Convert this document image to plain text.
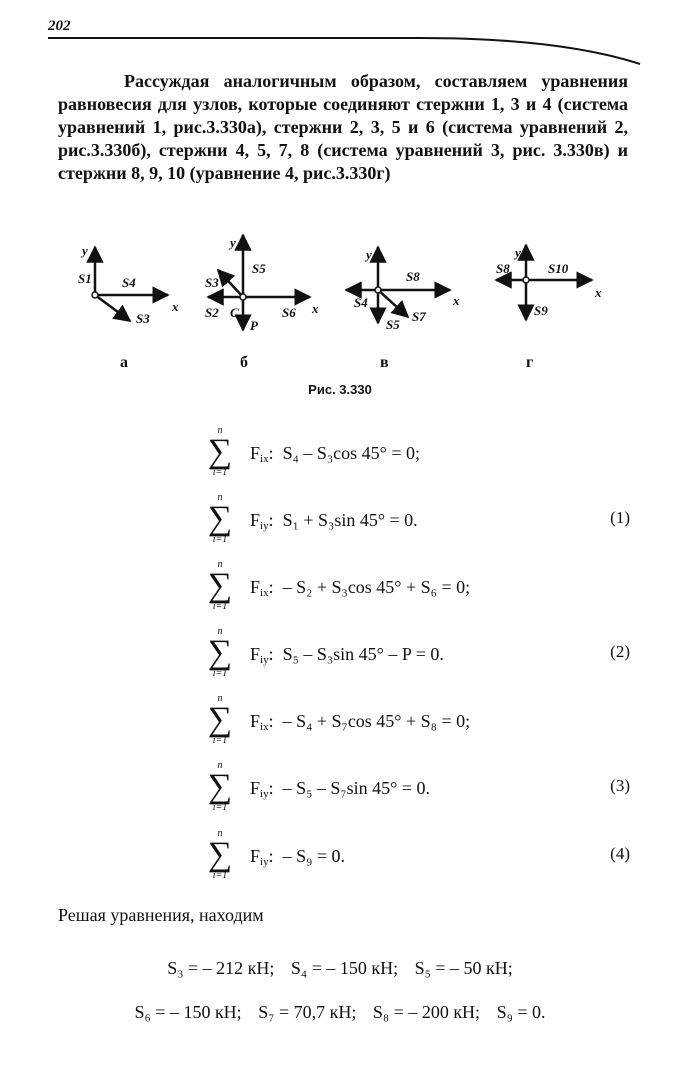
202

Рассуждая аналогичным образом, составляем уравнения равновесия для узлов, которые соединяют стержни 1, 3 и 4 (система уравнений 1, рис.3.330а), стержни 2, 3, 5 и 6 (система уравнений 2, рис.3.330б), стержни 4, 5, 7, 8 (система уравнений 3, рис. 3.330в) и стержни 8, 9, 10 (уравнение 4, рис.3.330г)

y
x
S1 S4
S3
y
x
S5
S3
S2 C
P
S6
y
x
S8
S4
S5
S7
y
x
S8	S10
S9
а	б	в	г
Рис. 3.330
n
∑
i=1
$F_{ix}$:  S₄ – S₃cos 45° = 0;
n
∑
i=1
$F_{iy}$:  S₁ + S₃sin 45° = 0.	(1)
n
∑
i=1
$F_{ix}$:  – S₂ + S₃cos 45° + S₆ = 0;
n
∑
i=1
$F_{iy}$:  S₅ – S₃sin 45° – P = 0.	(2)
n
∑
i=1
$F_{ix}$:  – S₄ + S₇cos 45° + S₈ = 0;
n
∑
i=1
$F_{iy}$:  – S₅ – S₇sin 45° = 0.	(3)
n
∑
i=1
$F_{iy}$:  – S₉ = 0.	(4)
Решая уравнения, находим
S₃ = – 212 кН; S₄ = – 150 кН; S₅ = – 50 кН;
S₆ = – 150 кН; S₇ = 70,7 кН; S₈ = – 200 кН; S₉ = 0.
